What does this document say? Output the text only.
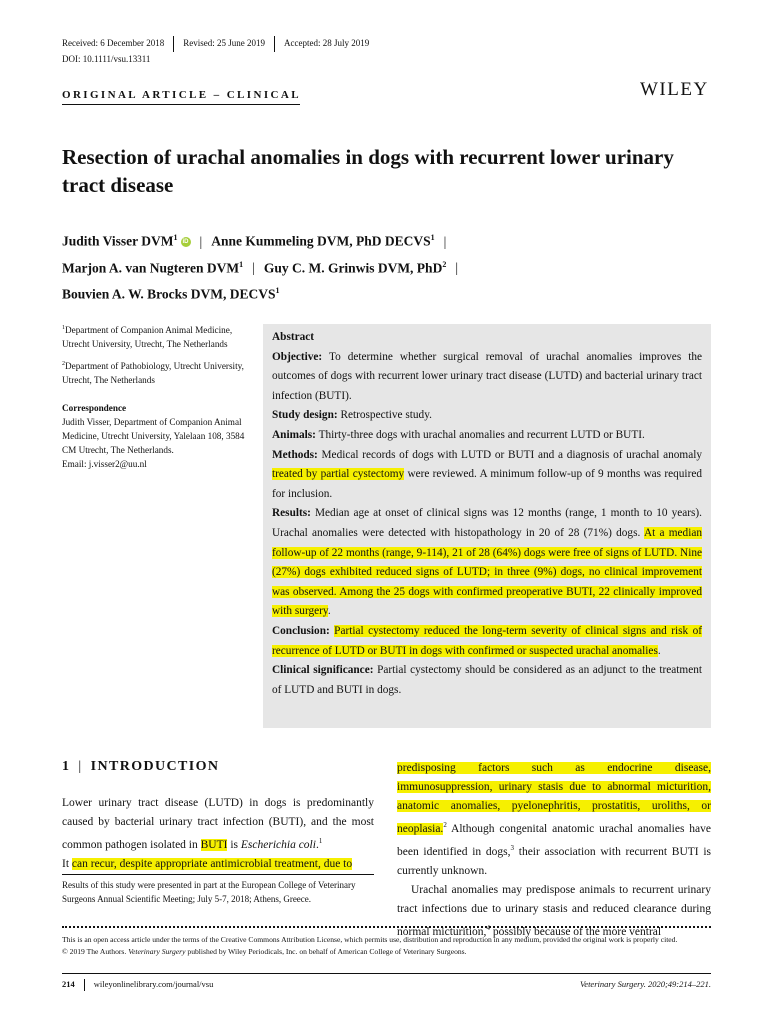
Received: 6 December 2018 Revised: 25 June 2019 Accepted: 28 July 2019
DOI: 10.1111/vsu.13311
ORIGINAL ARTICLE – CLINICAL	WILEY
Resection of urachal anomalies in dogs with recurrent lower urinary tract disease
Judith Visser DVM$^1$ iD | Anne Kummeling DVM, PhD DECVS$^1$ |
Marjon A. van Nugteren DVM$^1$ | Guy C. M. Grinwis DVM, PhD$^2$ |
Bouvien A. W. Brocks DVM, DECVS$^1$

$^1$Department of Companion Animal Medicine, Utrecht University, Utrecht, The Netherlands

$^2$Department of Pathobiology, Utrecht University, Utrecht, The Netherlands

Correspondence

Judith Visser, Department of Companion Animal Medicine, Utrecht University, Yalelaan 108, 3584 CM Utrecht, The Netherlands.
Email: j.visser2@uu.nl

Abstract

Objective: To determine whether surgical removal of urachal anomalies improves the outcomes of dogs with recurrent lower urinary tract disease (LUTD) and bacterial urinary tract infection (BUTI).

Study design: Retrospective study.

Animals: Thirty-three dogs with urachal anomalies and recurrent LUTD or BUTI.

Methods: Medical records of dogs with LUTD or BUTI and a diagnosis of urachal anomaly treated by partial cystectomy were reviewed. A minimum follow-up of 9 months was required for inclusion.

Results: Median age at onset of clinical signs was 12 months (range, 1 month to 10 years). Urachal anomalies were detected with histopathology in 20 of 28 (71%) dogs. At a median follow-up of 22 months (range, 9-114), 21 of 28 (64%) dogs were free of signs of LUTD. Nine (27%) dogs exhibited reduced signs of LUTD; in three (9%) dogs, no clinical improvement was observed. Among the 25 dogs with confirmed preoperative BUTI, 22 clinically improved with surgery.

Conclusion: Partial cystectomy reduced the long-term severity of clinical signs and risk of recurrence of LUTD or BUTI in dogs with confirmed or suspected urachal anomalies.

Clinical significance: Partial cystectomy should be considered as an adjunct to the treatment of LUTD and BUTI in dogs.

1 | INTRODUCTION

Lower urinary tract disease (LUTD) in dogs is predominantly caused by bacterial urinary tract infection (BUTI), and the most common pathogen isolated in BUTI is Escherichia coli.$^1$
It can recur, despite appropriate antimicrobial treatment, due to

Results of this study were presented in part at the European College of Veterinary Surgeons Annual Scientific Meeting; July 5-7, 2018; Athens, Greece.

predisposing factors such as endocrine disease, immunosuppression, urinary stasis due to abnormal micturition, anatomic anomalies, pyelonephritis, prostatitis, uroliths, or neoplasia.$^2$ Although congenital anatomic urachal anomalies have been identified in dogs,$^3$ their association with recurrent BUTI is currently unknown.

Urachal anomalies may predispose animals to recurrent urinary tract infections due to urinary stasis and reduced clearance during normal micturition,$^4$ possibly because of the more ventral

This is an open access article under the terms of the Creative Commons Attribution License, which permits use, distribution and reproduction in any medium, provided the original work is properly cited.

© 2019 The Authors. Veterinary Surgery published by Wiley Periodicals, Inc. on behalf of American College of Veterinary Surgeons.

214 wileyonlinelibrary.com/journal/vsu	Veterinary Surgery. 2020;49:214–221.
